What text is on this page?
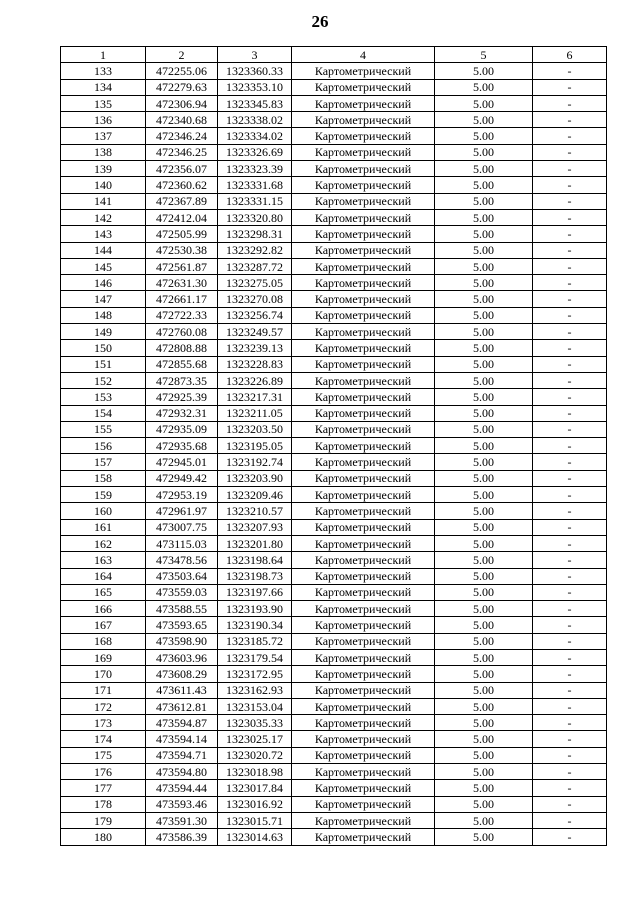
26
1	2	3	4	5	6
133	472255.06	1323360.33	Картометрический	5.00	-
134	472279.63	1323353.10	Картометрический	5.00	-
135	472306.94	1323345.83	Картометрический	5.00	-
136	472340.68	1323338.02	Картометрический	5.00	-
137	472346.24	1323334.02	Картометрический	5.00	-
138	472346.25	1323326.69	Картометрический	5.00	-
139	472356.07	1323323.39	Картометрический	5.00	-
140	472360.62	1323331.68	Картометрический	5.00	-
141	472367.89	1323331.15	Картометрический	5.00	-
142	472412.04	1323320.80	Картометрический	5.00	-
143	472505.99	1323298.31	Картометрический	5.00	-
144	472530.38	1323292.82	Картометрический	5.00	-
145	472561.87	1323287.72	Картометрический	5.00	-
146	472631.30	1323275.05	Картометрический	5.00	-
147	472661.17	1323270.08	Картометрический	5.00	-
148	472722.33	1323256.74	Картометрический	5.00	-
149	472760.08	1323249.57	Картометрический	5.00	-
150	472808.88	1323239.13	Картометрический	5.00	-
151	472855.68	1323228.83	Картометрический	5.00	-
152	472873.35	1323226.89	Картометрический	5.00	-
153	472925.39	1323217.31	Картометрический	5.00	-
154	472932.31	1323211.05	Картометрический	5.00	-
155	472935.09	1323203.50	Картометрический	5.00	-
156	472935.68	1323195.05	Картометрический	5.00	-
157	472945.01	1323192.74	Картометрический	5.00	-
158	472949.42	1323203.90	Картометрический	5.00	-
159	472953.19	1323209.46	Картометрический	5.00	-
160	472961.97	1323210.57	Картометрический	5.00	-
161	473007.75	1323207.93	Картометрический	5.00	-
162	473115.03	1323201.80	Картометрический	5.00	-
163	473478.56	1323198.64	Картометрический	5.00	-
164	473503.64	1323198.73	Картометрический	5.00	-
165	473559.03	1323197.66	Картометрический	5.00	-
166	473588.55	1323193.90	Картометрический	5.00	-
167	473593.65	1323190.34	Картометрический	5.00	-
168	473598.90	1323185.72	Картометрический	5.00	-
169	473603.96	1323179.54	Картометрический	5.00	-
170	473608.29	1323172.95	Картометрический	5.00	-
171	473611.43	1323162.93	Картометрический	5.00	-
172	473612.81	1323153.04	Картометрический	5.00	-
173	473594.87	1323035.33	Картометрический	5.00	-
174	473594.14	1323025.17	Картометрический	5.00	-
175	473594.71	1323020.72	Картометрический	5.00	-
176	473594.80	1323018.98	Картометрический	5.00	-
177	473594.44	1323017.84	Картометрический	5.00	-
178	473593.46	1323016.92	Картометрический	5.00	-
179	473591.30	1323015.71	Картометрический	5.00	-
180	473586.39	1323014.63	Картометрический	5.00	-
